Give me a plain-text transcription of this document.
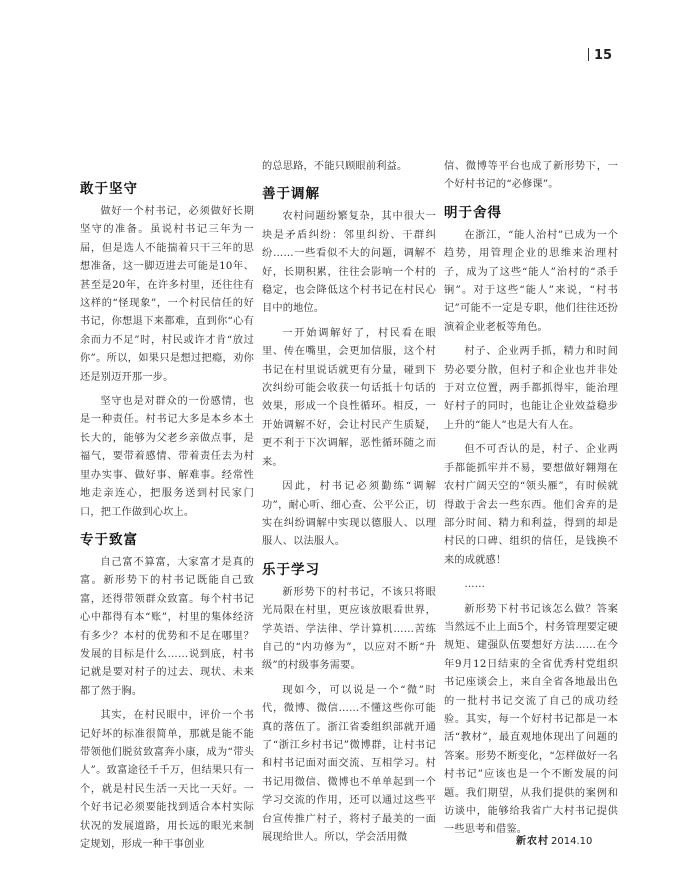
15
敢于坚守

做好一个村书记，必须做好长期坚守的准备。虽说村书记三年为一届，但是选人不能揣着只干三年的思想准备，这一脚迈进去可能是10年、甚至是20年，在许多村里，还往往有这样的“怪现象”，一个村民信任的好书记，你想退下来都难，直到你“心有余而力不足”时，村民或许才肯“放过你”。所以，如果只是想过把瘾，劝你还是别迈开那一步。

坚守也是对群众的一份感情，也是一种责任。村书记大多是本乡本土长大的，能够为父老乡亲做点事，是福气，要带着感情、带着责任去为村里办实事、做好事、解难事。经常性地走亲连心，把服务送到村民家门口，把工作做到心坎上。

专于致富

自己富不算富，大家富才是真的富。新形势下的村书记既能自己致富，还得带领群众致富。每个村书记心中都得有本“账”，村里的集体经济有多少？本村的优势和不足在哪里？发展的目标是什么……说到底，村书记就是要对村子的过去、现状、未来都了然于胸。

其实，在村民眼中，评价一个书记好坏的标准很简单，那就是能不能带领他们脱贫致富奔小康，成为“带头人”。致富途径千千万，但结果只有一个，就是村民生活一天比一天好。一个好书记必须要能找到适合本村实际状况的发展道路，用长远的眼光来制定规划，形成一种干事创业

的总思路，不能只顾眼前利益。

善于调解

农村问题纷繁复杂，其中很大一块是矛盾纠纷：邻里纠纷、干群纠纷……一些看似不大的问题，调解不好，长期积累，往往会影响一个村的稳定，也会降低这个村书记在村民心目中的地位。

一开始调解好了，村民看在眼里、传在嘴里，会更加信服，这个村书记在村里说话就更有分量，碰到下次纠纷可能会收获一句话抵十句话的效果，形成一个良性循环。相反，一开始调解不好，会让村民产生质疑，更不利于下次调解，恶性循环随之而来。

因此，村书记必须勤练“调解功”，耐心听、细心查、公平公正，切实在纠纷调解中实现以德服人、以理服人、以法服人。

乐于学习

新形势下的村书记，不该只将眼光局限在村里，更应该放眼看世界，学英语、学法律、学计算机……苦练自己的“内功修为”，以应对不断“升级”的村级事务需要。

现如今，可以说是一个“微”时代，微博、微信……不懂这些你可能真的落伍了。浙江省委组织部就开通了“浙江乡村书记”微博群，让村书记和村书记面对面交流、互相学习。村书记用微信、微博也不单单起到一个学习交流的作用，还可以通过这些平台宣传推广村子，将村子最美的一面展现给世人。所以，学会活用微

信、微博等平台也成了新形势下，一个好村书记的“必修课”。

明于舍得

在浙江，“能人治村”已成为一个趋势，用管理企业的思维来治理村子，成为了这些“能人”治村的“杀手锏”。对于这些“能人”来说，“村书记”可能不一定是专职，他们往往还扮演着企业老板等角色。

村子、企业两手抓，精力和时间势必要分散，但村子和企业也并非处于对立位置，两手都抓得牢，能治理好村子的同时，也能让企业效益稳步上升的“能人”也是大有人在。

但不可否认的是，村子、企业两手都能抓牢并不易，要想做好翱翔在农村广阔天空的“领头雁”，有时候就得敢于舍去一些东西。他们舍弃的是部分时间、精力和利益，得到的却是村民的口碑、组织的信任，是钱换不来的成就感！

……

新形势下村书记该怎么做？答案当然远不止上面5个，村务管理要定硬规矩、建强队伍要想好方法……在今年9月12日结束的全省优秀村党组织书记座谈会上，来自全省各地最出色的一批村书记交流了自己的成功经验。其实，每一个好村书记都是一本活“教材”，最直观地体现出了问题的答案。形势不断变化，“怎样做好一名村书记”应该也是一个不断发展的问题。我们期望，从我们提供的案例和访谈中，能够给我省广大村书记提供一些思考和借鉴。

新农村 2014.10
